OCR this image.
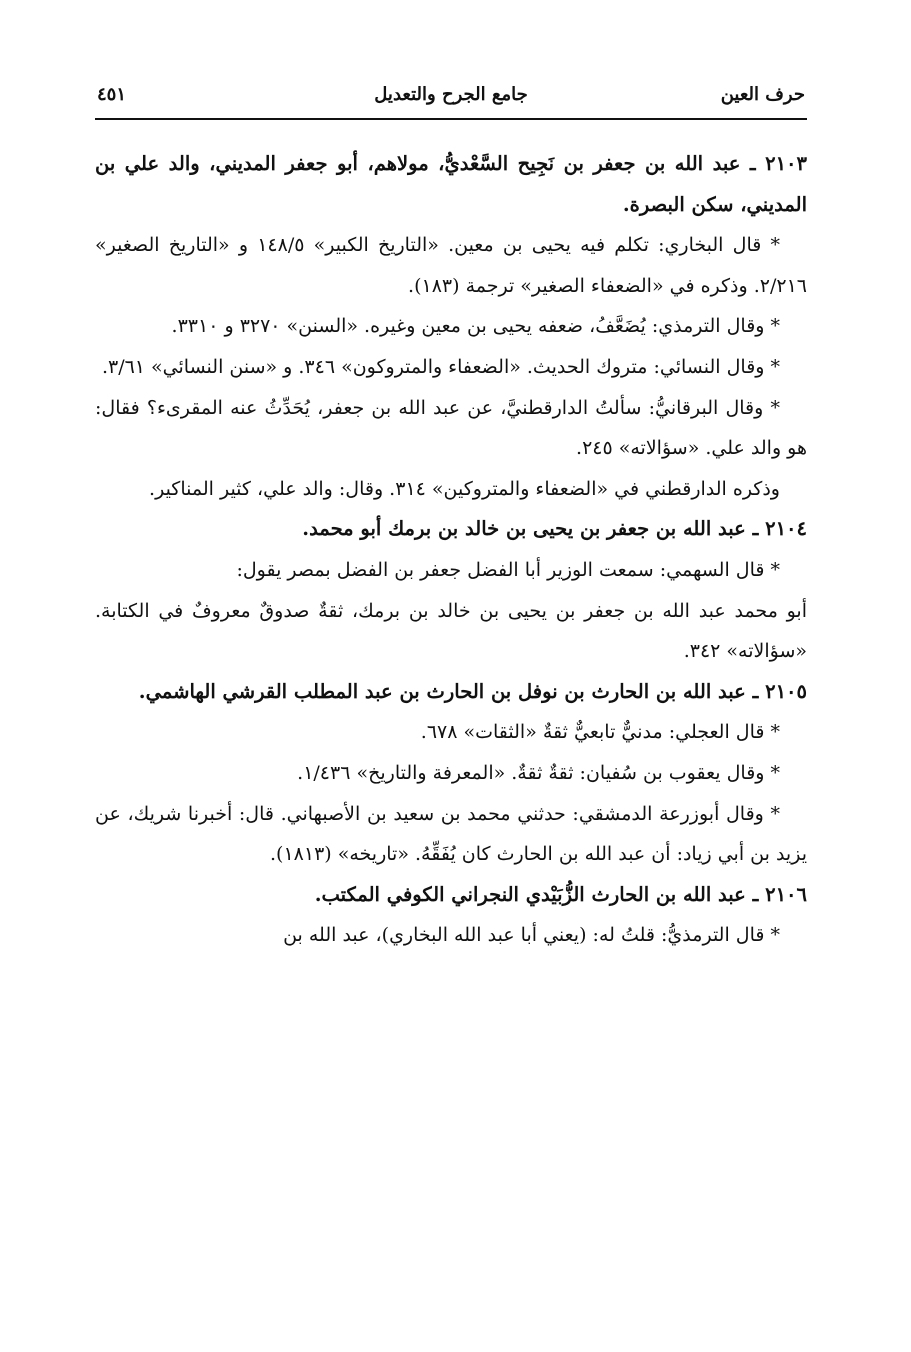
حرف العين
جامع الجرح والتعديل
٤٥١

٢١٠٣ ـ عبد الله بن جعفر بن نَجِيح السَّعْديُّ، مولاهم، أبو جعفر المديني، والد علي بن المديني، سكن البصرة.

* قال البخاري: تكلم فيه يحيى بن معين. «التاريخ الكبير» ١٤٨/٥ و «التاريخ الصغير» ٢/٢١٦. وذكره في «الضعفاء الصغير» ترجمة (١٨٣).

* وقال الترمذي: يُضَعَّفُ، ضعفه يحيى بن معين وغيره. «السنن» ٣٢٧٠ و ٣٣١٠.

* وقال النسائي: متروك الحديث. «الضعفاء والمتروكون» ٣٤٦. و «سنن النسائي» ٣/٦١.

* وقال البرقانيُّ: سألتُ الدارقطنيَّ، عن عبد الله بن جعفر، يُحَدِّثُ عنه المقرىء؟ فقال: هو والد علي. «سؤالاته» ٢٤٥.

وذكره الدارقطني في «الضعفاء والمتروكين» ٣١٤. وقال: والد علي، كثير المناكير.

٢١٠٤ ـ عبد الله بن جعفر بن يحيى بن خالد بن برمك أبو محمد.

* قال السهمي: سمعت الوزير أبا الفضل جعفر بن الفضل بمصر يقول:

أبو محمد عبد الله بن جعفر بن يحيى بن خالد بن برمك، ثقةٌ صدوقٌ معروفٌ في الكتابة. «سؤالاته» ٣٤٢.

٢١٠٥ ـ عبد الله بن الحارث بن نوفل بن الحارث بن عبد المطلب القرشي الهاشمي.

* قال العجلي: مدنيٌّ تابعيٌّ ثقةٌ «الثقات» ٦٧٨.

* وقال يعقوب بن سُفيان: ثقةٌ ثقةٌ. «المعرفة والتاريخ» ١/٤٣٦.

* وقال أبوزرعة الدمشقي: حدثني محمد بن سعيد بن الأصبهاني. قال: أخبرنا شريك، عن يزيد بن أبي زياد: أن عبد الله بن الحارث كان يُفَقِّهُ. «تاريخه» (١٨١٣).

٢١٠٦ ـ عبد الله بن الحارث الزُّبَيْدي النجراني الكوفي المكتب.

* قال الترمذيُّ: قلتُ له: (يعني أبا عبد الله البخاري)، عبد الله بن
